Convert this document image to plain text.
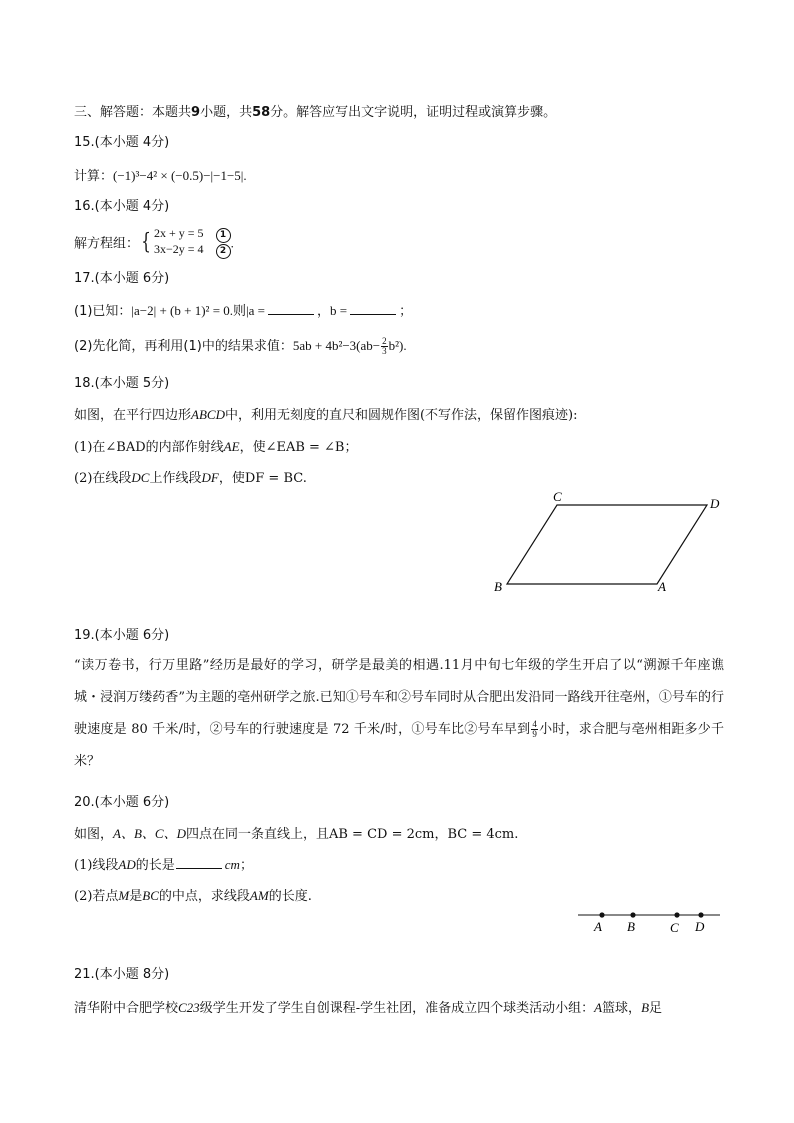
三、解答题：本题共9小题，共58分。解答应写出文字说明，证明过程或演算步骤。
15.(本小题 4分)
计算：(−1)³−4² × (−0.5)−|−1−5|.
16.(本小题 4分)
解方程组：{ 2x + y = 5 1
3x−2y = 4 2
.
17.(本小题 6分)
(1)已知：|a−2| + (b + 1)² = 0.则|a =	，b =	；
(2)先化简，再利用(1)中的结果求值：$5ab + 4b^2-3(ab- \frac{2}{3} b^2)$.
18.(本小题 5分)
如图，在平行四边形ABCD中，利用无刻度的直尺和圆规作图(不写作法，保留作图痕迹):
(1)在∠BAD的内部作射线AE，使∠EAB = ∠B；
(2)在线段DC上作线段DF，使DF = BC.
C	D
B	A
19.(本小题 6分)
“读万卷书，行万里路”经历是最好的学习，研学是最美的相遇.11月中旬七年级的学生开启了以“溯源千年座谯城・浸润万缕药香”为主题的亳州研学之旅.已知①号车和②号车同时从合肥出发沿同一路线开往亳州，①号车的行驶速度是 80 千米/时，②号车的行驶速度是 72 千米/时，①号车比②号车早到 $\frac{4}{9}$ 小时，求合肥与亳州相距多少千米？
20.(本小题 6分)
如图，A、B、C、D四点在同一条直线上，且AB = CD = 2cm，BC = 4cm.
(1)线段AD的长是	cm；
(2)若点M是BC的中点，求线段AM的长度.
A B	C D
21.(本小题 8分)
清华附中合肥学校C23级学生开发了学生自创课程-学生社团，准备成立四个球类活动小组：A篮球，B足
